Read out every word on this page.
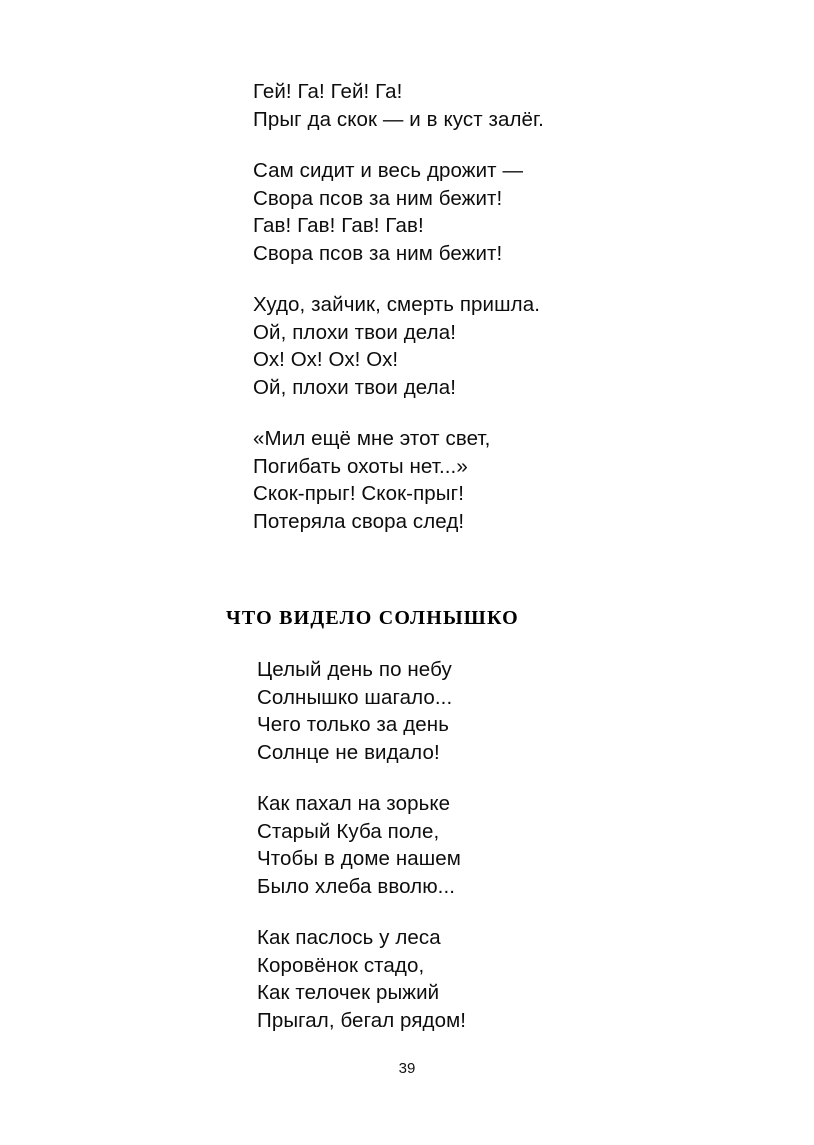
Гей! Га! Гей! Га!
Прыг да скок — и в куст залёг.
Сам сидит и весь дрожит —
Свора псов за ним бежит!
Гав! Гав! Гав! Гав!
Свора псов за ним бежит!
Худо, зайчик, смерть пришла.
Ой, плохи твои дела!
Ох! Ох! Ох! Ох!
Ой, плохи твои дела!
«Мил ещё мне этот свет,
Погибать охоты нет...»
Скок-прыг! Скок-прыг!
Потеряла свора след!
ЧТО ВИДЕЛО СОЛНЫШКО
Целый день по небу
Солнышко шагало...
Чего только за день
Солнце не видало!
Как пахал на зорьке
Старый Куба поле,
Чтобы в доме нашем
Было хлеба вволю...
Как паслось у леса
Коровёнок стадо,
Как телочек рыжий
Прыгал, бегал рядом!
39
